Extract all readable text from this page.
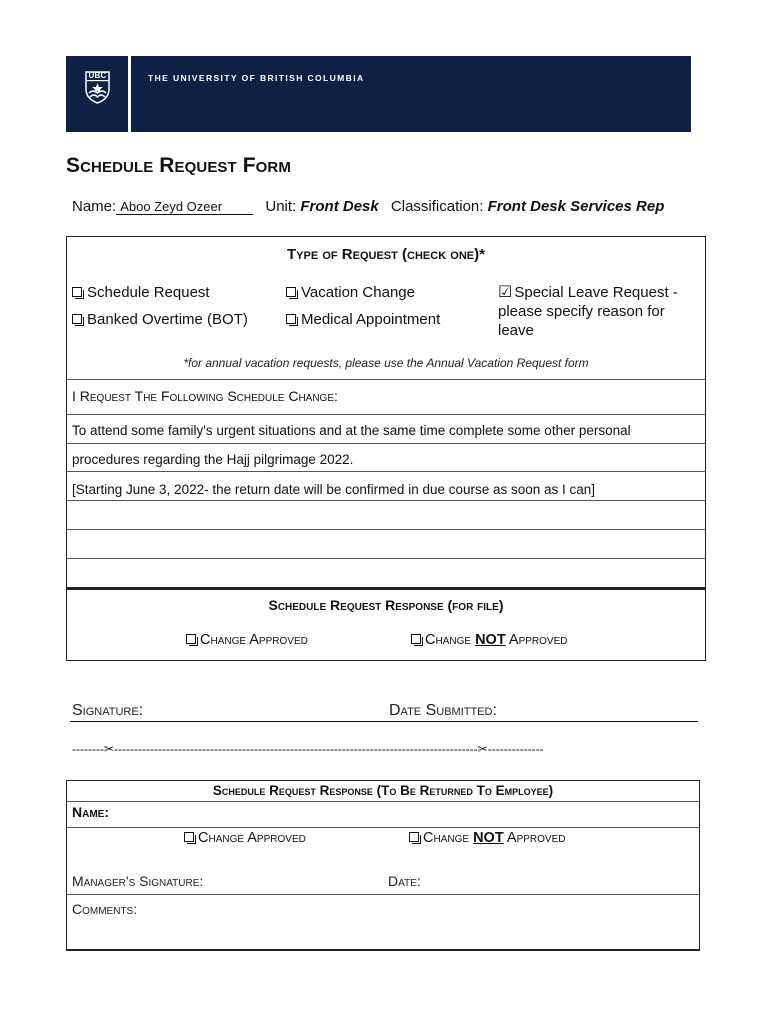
UBC	THE UNIVERSITY OF BRITISH COLUMBIA
Schedule Request Form
Name: Aboo Zeyd Ozeer	Unit: Front Desk Classification: Front Desk Services Rep
Type of Request (check one)*
Schedule Request
Banked Overtime (BOT)
Vacation Change
Medical Appointment
☑ Special Leave Request - please specify reason for leave
*for annual vacation requests, please use the Annual Vacation Request form
I Request The Following Schedule Change:
To attend some family's urgent situations and at the same time complete some other personal
procedures regarding the Hajj pilgrimage 2022.
[Starting June 3, 2022- the return date will be confirmed in due course as soon as I can]
Schedule Request Response (for file)
Change Approved	Change NOT Approved
Signature:	Date Submitted:
--------✂-------------------------------------------------------------------------------------------✂--------------
Schedule Request Response (To Be Returned To Employee)
Name:
Change Approved	Change NOT Approved
Manager's Signature:	Date:
Comments:
